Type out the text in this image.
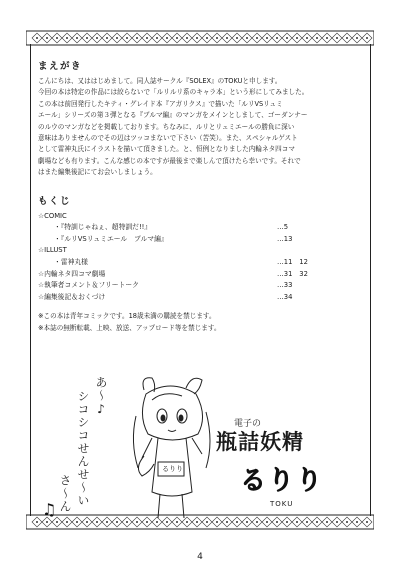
まえがき

こんにちは、又ははじめまして。同人誌サークル『SOLEX』のTOKUと申します。

今回の本は特定の作品には絞らないで「ルリルリ系のキャラ本」という形にしてみました。

この本は前回発行したキティ・グレイド本『アガリクス』で描いた「ルリVSリュミ

エール」シリーズの第３弾となる『ブルマ編』のマンガをメインとしまして、ゴーダンナー

のルウのマンガなどを掲載しております。ちなみに、ルリとリュミエールの勝負に深い

意味はありませんのでその辺はツッコまないで下さい（苦笑）。また、スペシャルゲスト

として雷神丸氏にイラストを描いて頂きました。と、恒例となりました内輪ネタ四コマ

劇場なども有ります。こんな感じの本ですが最後まで楽しんで頂けたら幸いです。それで

はまた編集後記にてお会いしましょう。

もくじ
☆COMIC
・『特訓じゃねぇ、超特訓だ!!』	…5
・『ルリVSリュミエール　ブルマ編』	…13
☆ILLUST
・雷神丸様	…11　12
☆内輪ネタ四コマ劇場	…31　32
☆執筆者コメント＆フリートーク	…33
☆編集後記＆おくづけ	…34

※この本は青年コミックです。18歳未満の購読を禁じます。

※本誌の無断転載、上映、放送、アップロード等を禁じます。

あ〜♪
シコシコせんせ〜い
さ〜ん
♫
るりり
電子の
瓶詰妖精
るりり
TOKU
4
